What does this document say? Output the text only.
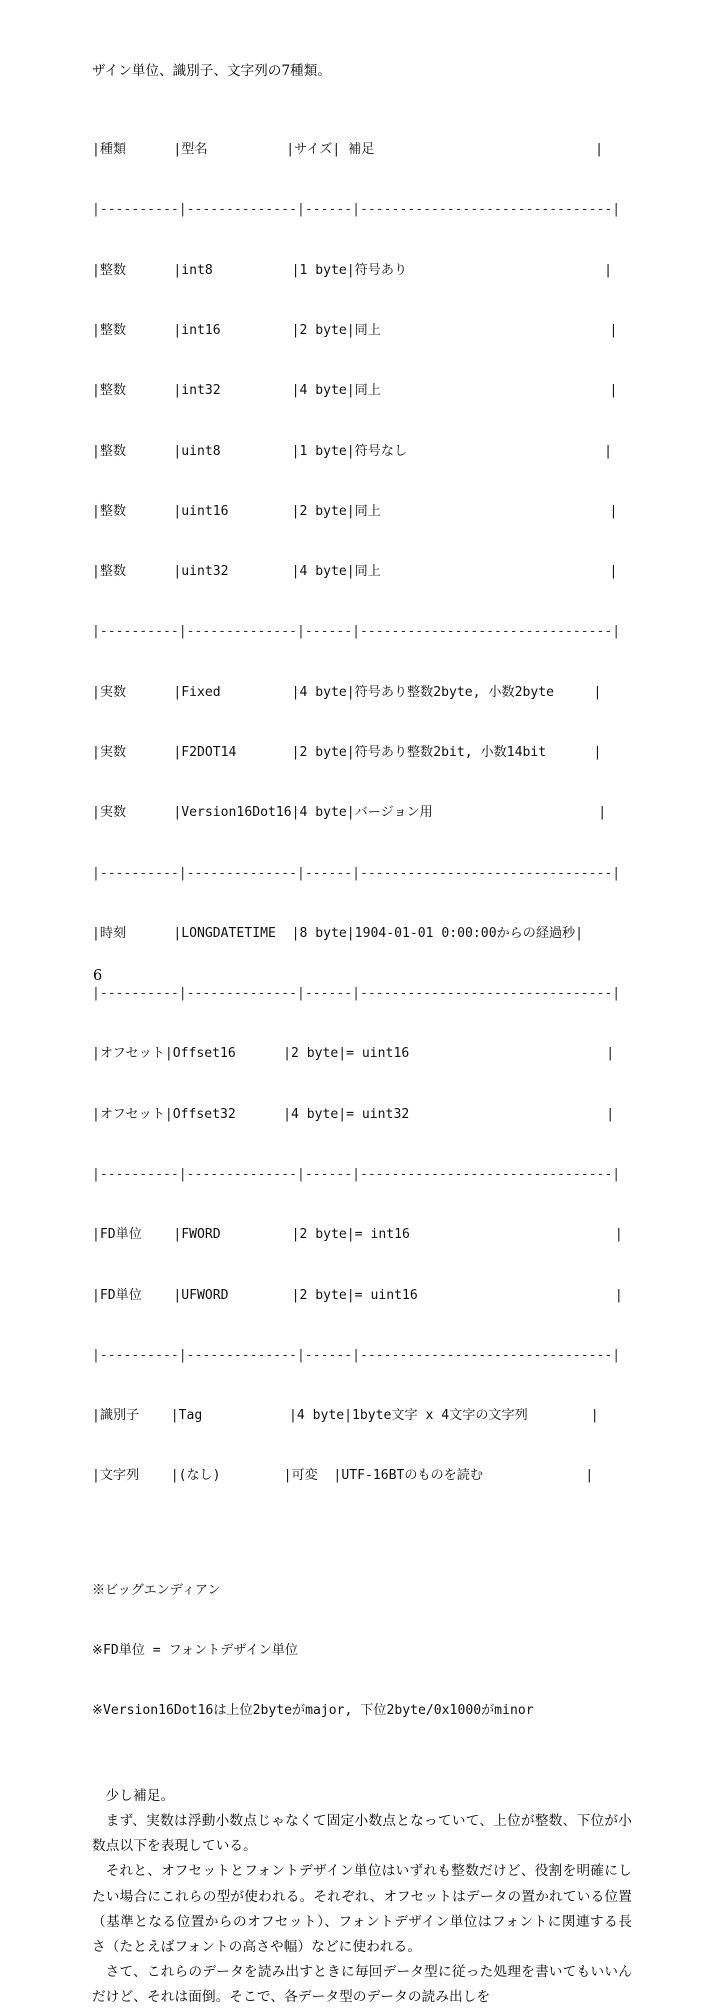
ザイン単位、識別子、文字列の7種類。

|種類      |型名          |サイズ| 補足                            |

|----------|--------------|------|--------------------------------|

|整数      |int8          |1 byte|符号あり                         |

|整数      |int16         |2 byte|同上                             |

|整数      |int32         |4 byte|同上                             |

|整数      |uint8         |1 byte|符号なし                         |

|整数      |uint16        |2 byte|同上                             |

|整数      |uint32        |4 byte|同上                             |

|----------|--------------|------|--------------------------------|

|実数      |Fixed         |4 byte|符号あり整数2byte, 小数2byte     |

|実数      |F2DOT14       |2 byte|符号あり整数2bit, 小数14bit      |

|実数      |Version16Dot16|4 byte|バージョン用                     |

|----------|--------------|------|--------------------------------|

|時刻      |LONGDATETIME  |8 byte|1904-01-01 0:00:00からの経過秒|

|----------|--------------|------|--------------------------------|

|オフセット|Offset16      |2 byte|= uint16                         |

|オフセット|Offset32      |4 byte|= uint32                         |

|----------|--------------|------|--------------------------------|

|FD単位    |FWORD         |2 byte|= int16                          |

|FD単位    |UFWORD        |2 byte|= uint16                         |

|----------|--------------|------|--------------------------------|

|識別子    |Tag           |4 byte|1byte文字 x 4文字の文字列        |

|文字列    |(なし)        |可変  |UTF-16BTのものを読む             |

※ビッグエンディアン

※FD単位 = フォントデザイン単位

※Version16Dot16は上位2byteがmajor, 下位2byte/0x1000がminor

少し補足。

まず、実数は浮動小数点じゃなくて固定小数点となっていて、上位が整数、下位が小数点以下を表現している。

それと、オフセットとフォントデザイン単位はいずれも整数だけど、役割を明確にしたい場合にこれらの型が使われる。それぞれ、オフセットはデータの置かれている位置（基準となる位置からのオフセット）、フォントデザイン単位はフォントに関連する長さ（たとえばフォントの高さや幅）などに使われる。

さて、これらのデータを読み出すときに毎回データ型に従った処理を書いてもいいんだけど、それは面倒。そこで、各データ型のデータの読み出しを

6
